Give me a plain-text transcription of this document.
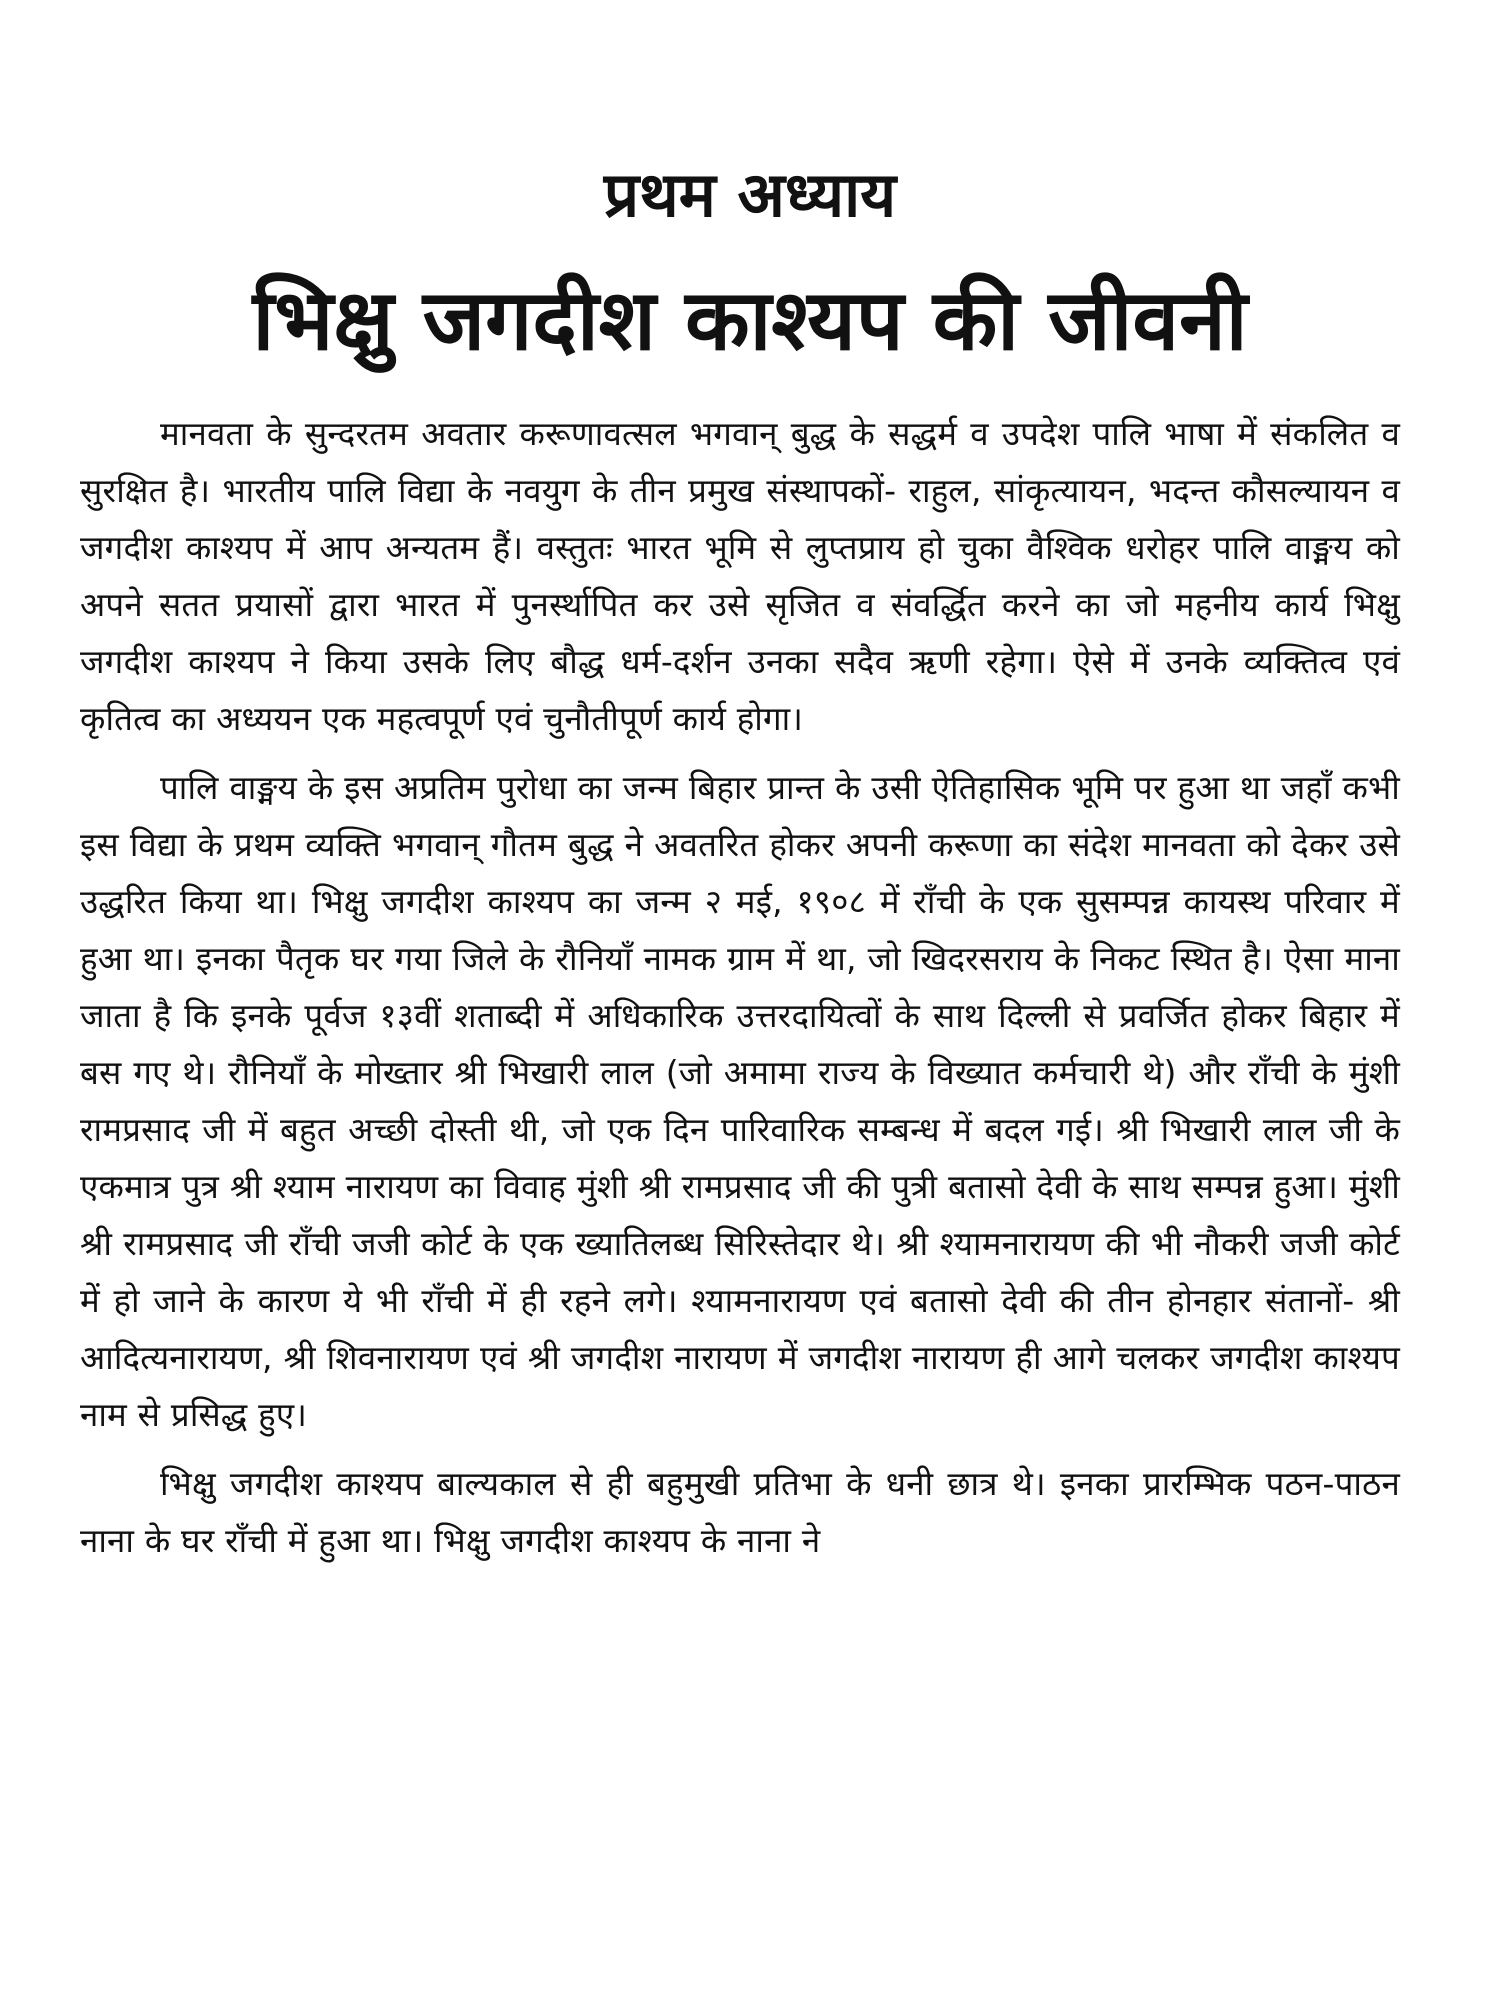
प्रथम अध्याय
भिक्षु जगदीश काश्यप की जीवनी

मानवता के सुन्दरतम अवतार करूणावत्सल भगवान् बुद्ध के सद्धर्म व उपदेश पालि भाषा में संकलित व सुरक्षित है। भारतीय पालि विद्या के नवयुग के तीन प्रमुख संस्थापकों- राहुल, सांकृत्यायन, भदन्त कौसल्यायन व जगदीश काश्यप में आप अन्यतम हैं। वस्तुतः भारत भूमि से लुप्तप्राय हो चुका वैश्विक धरोहर पालि वाङ्मय को अपने सतत प्रयासों द्वारा भारत में पुनर्स्थापित कर उसे सृजित व संवर्द्धित करने का जो महनीय कार्य भिक्षु जगदीश काश्यप ने किया उसके लिए बौद्ध धर्म-दर्शन उनका सदैव ऋणी रहेगा। ऐसे में उनके व्यक्तित्व एवं कृतित्व का अध्ययन एक महत्वपूर्ण एवं चुनौतीपूर्ण कार्य होगा।

पालि वाङ्मय के इस अप्रतिम पुरोधा का जन्म बिहार प्रान्त के उसी ऐतिहासिक भूमि पर हुआ था जहाँ कभी इस विद्या के प्रथम व्यक्ति भगवान् गौतम बुद्ध ने अवतरित होकर अपनी करूणा का संदेश मानवता को देकर उसे उद्धरित किया था। भिक्षु जगदीश काश्यप का जन्म २ मई, १९०८ में राँची के एक सुसम्पन्न कायस्थ परिवार में हुआ था। इनका पैतृक घर गया जिले के रौनियाँ नामक ग्राम में था, जो खिदरसराय के निकट स्थित है। ऐसा माना जाता है कि इनके पूर्वज १३वीं शताब्दी में अधिकारिक उत्तरदायित्वों के साथ दिल्ली से प्रवर्जित होकर बिहार में बस गए थे। रौनियाँ के मोख्तार श्री भिखारी लाल (जो अमामा राज्य के विख्यात कर्मचारी थे) और राँची के मुंशी रामप्रसाद जी में बहुत अच्छी दोस्ती थी, जो एक दिन पारिवारिक सम्बन्ध में बदल गई। श्री भिखारी लाल जी के एकमात्र पुत्र श्री श्याम नारायण का विवाह मुंशी श्री रामप्रसाद जी की पुत्री बतासो देवी के साथ सम्पन्न हुआ। मुंशी श्री रामप्रसाद जी राँची जजी कोर्ट के एक ख्यातिलब्ध सिरिस्तेदार थे। श्री श्यामनारायण की भी नौकरी जजी कोर्ट में हो जाने के कारण ये भी राँची में ही रहने लगे। श्यामनारायण एवं बतासो देवी की तीन होनहार संतानों- श्री आदित्यनारायण, श्री शिवनारायण एवं श्री जगदीश नारायण में जगदीश नारायण ही आगे चलकर जगदीश काश्यप नाम से प्रसिद्ध हुए।

भिक्षु जगदीश काश्यप बाल्यकाल से ही बहुमुखी प्रतिभा के धनी छात्र थे। इनका प्रारम्भिक पठन-पाठन नाना के घर राँची में हुआ था। भिक्षु जगदीश काश्यप के नाना ने
